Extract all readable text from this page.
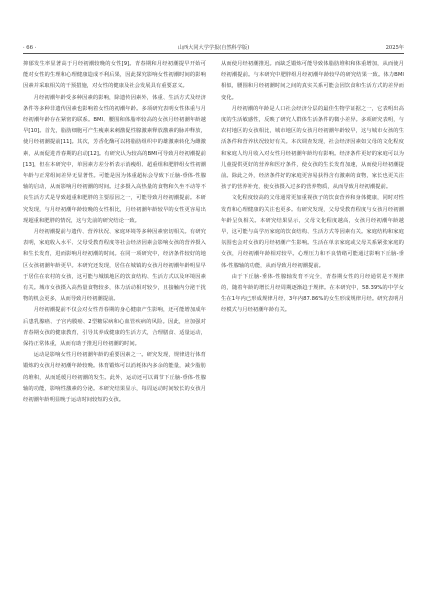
· 66 ·	山西大同大学学报(自然科学版)	2025年

抑郁发生率显著高于月经初潮较晚的女性[9]。青春期和月经初潮提早开始可能对女性的生理和心理健康造成不利后果，因此探究影响女性初潮时间的影响因素并采取相关的干预措施，对女性的健康及社会发展具有重要意义。

月经初潮年龄受多种因素的影响，除遗传因素外，体重、生活方式及经济条件等多种非遗传因素也影响着女性的初潮年龄。多项研究表明女性体重与月经初潮年龄存在紧密的联系。BMI、腰围和体脂率较高的女孩月经初潮年龄越早[10]。首先，脂肪细胞可产生瘦素来刺激促性腺激素释放激素的脉冲释放，使月经初潮提前[11]。其次，芳香化酶可以将脂肪组织中的雄激素转化为雌激素，从而促进青春期的启动[12]。有研究认为较高的BMI可导致月经初潮提前[13]，但在本研究中，单因素方差分析表示消瘦组、超重组和肥胖组女性初潮年龄与正常组间差异无显著性。可能是因为体重超标会导致下丘脑-垂体-性腺轴的启动，从而影响月经初潮的时间。过多摄入高热量的食物和久坐不动等不良生活方式是导致超重和肥胖的主要原因之一，可能导致月经初潮提前。本研究发现，与月经初潮年龄较晚的女性相比，月经初潮年龄较早的女性更容易出现超重和肥胖的情况，这与先前的研究结论一致。

月经初潮提前与遗传、营养状况、家庭环境等多种因素密切相关。有研究表明，家庭收入水平、父母受教育程度等社会经济因素会影响女孩的营养摄入和生长发育，进而影响月经初潮的时间。在同一项研究中，经济条件较好的地区女孩初潮年龄更早。本研究还发现，居住在城镇的女孩月经初潮年龄明显早于居住在农村的女孩，这可能与城镇地区的饮食结构、生活方式以及环境因素有关。城市女孩摄入高热量食物较多，体力活动相对较少，且接触内分泌干扰物的机会更多，从而导致月经初潮提前。

月经初潮提前不仅会对女性青春期的身心健康产生影响，还可能增加成年后患乳腺癌、子宫内膜癌、2型糖尿病和心血管疾病的风险。因此，应加强对青春期女孩的健康教育，引导其养成健康的生活方式，合理膳食、适量运动，保持正常体重，从而有助于推迟月经初潮的时间。

运动是影响女性月经初潮年龄的重要因素之一。研究发现，规律进行体育锻炼的女孩月经初潮年龄较晚。体育锻炼可以消耗体内多余的能量，减少脂肪的堆积，从而延缓月经初潮的发生。此外，运动还可以调节下丘脑-垂体-性腺轴的功能，影响性激素的分泌。本研究结果显示，每周运动时间较长的女孩月经初潮年龄明显晚于运动时间较短的女孩。

从而使月经初潮推迟。而缺乏锻炼可能导致体脂肪堆积和体重增加，从而使月经初潮提前。与本研究中肥胖组月经初潮年龄较早的研究结果一致。体力BMI相似，腰围和月经初潮时间之间的真实关系可能会因饮食和生活方式的差异而变化。

月经初潮的年龄是人口社会经济分层的最佳生物学证据之一，它表明出高度的生活敏感性，反映了研究人群体生活条件的微小差异。多项研究表明，与农村地区的女孩相比，城市地区的女孩月经初潮年龄较早，这与城市女孩的生活条件和营养状况较好有关。本次调查发现，社会经济因素如父母的文化程度和家庭人均月收入对女性月经初潮年龄均有影响。经济条件更好的家庭可以为儿童提供更好的营养和医疗条件，使女孩的生长发育加速，从而使月经初潮提前。除此之外，经济条件好的家庭更容易获得含有激素的食物，家长也更关注孩子的营养补充，使女孩摄入过多的营养物质，从而导致月经初潮提前。

文化程度较高的父母通常更加重视孩子的饮食营养和身体健康，同时对性发育和心理健康的关注也更多。有研究发现，父母受教育程度与女孩月经初潮年龄呈负相关。本研究结果显示，父母文化程度越高，女孩月经初潮年龄越早，这可能与高学历家庭的饮食结构、生活方式等因素有关。家庭结构和家庭氛围也会对女孩的月经初潮产生影响。生活在单亲家庭或父母关系紧张家庭的女孩，月经初潮年龄相对较早。心理压力和不良情绪可能通过影响下丘脑-垂体-性腺轴的功能，从而导致月经初潮提前。

由于下丘脑-垂体-性腺轴发育不完全，青春期女性的月经通常是不规律的，随着年龄的增长月经周期逐渐趋于规律。在本研究中，58.39%的中学女生在1年内已形成规律月经，3年内87.86%的女生形成规律月经。研究表明月经模式与月经初潮年龄有关。
